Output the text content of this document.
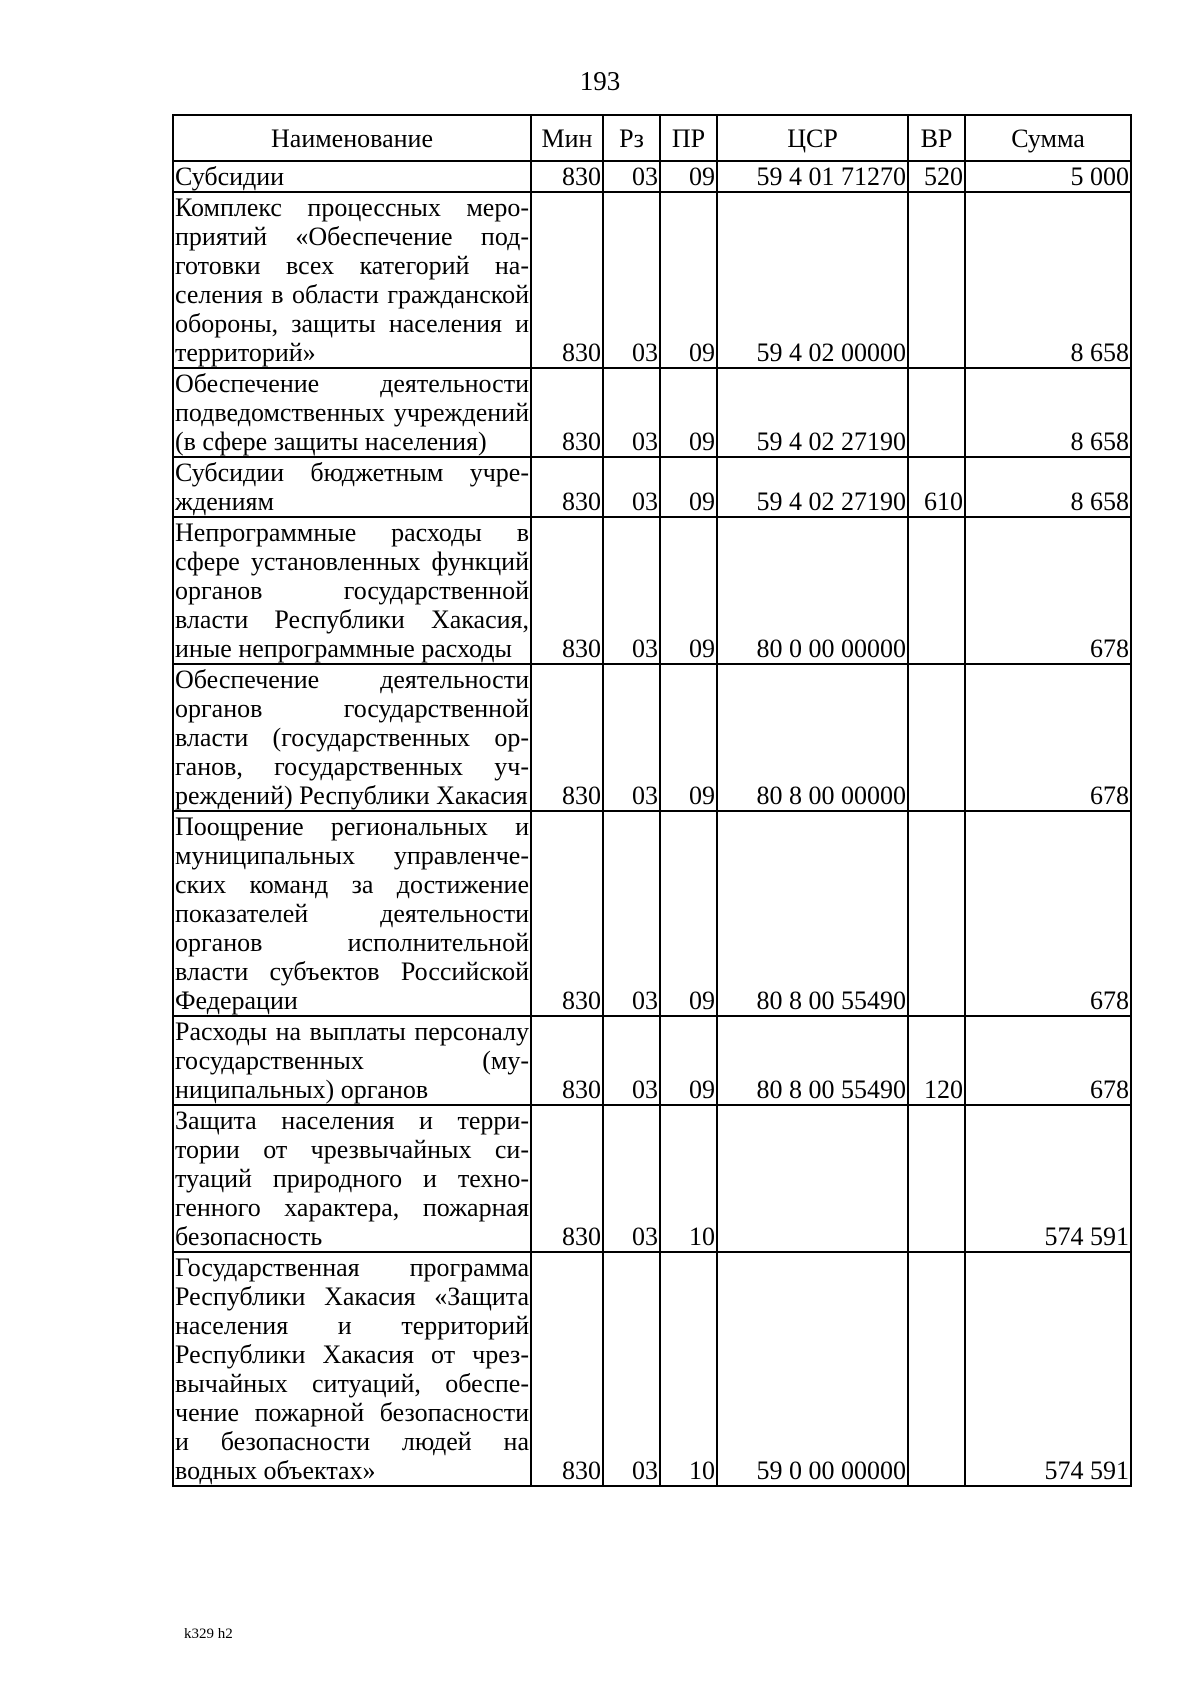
193
Наименование	Мин	Рз	ПР	ЦСР	ВР	Сумма
Субсидии	830	03	09	59 4 01 71270	520	5 000
Комплекс процессных мероприятий «Обеспечение подготовки всех категорий населения в области гражданской обороны, защиты населения и территорий»	830	03	09	59 4 02 00000		8 658
Обеспечение деятельности подведомственных учреждений (в сфере защиты населения)	830	03	09	59 4 02 27190		8 658
Субсидии бюджетным учреждениям	830	03	09	59 4 02 27190	610	8 658
Непрограммные расходы в сфере установленных функций органов государственной власти Республики Хакасия, иные непрограммные расходы	830	03	09	80 0 00 00000		678
Обеспечение деятельности органов государственной власти (государственных органов, государственных учреждений) Республики Хакасия	830	03	09	80 8 00 00000		678
Поощрение региональных и муниципальных управленческих команд за достижение показателей деятельности органов исполнительной власти субъектов Российской Федерации	830	03	09	80 8 00 55490		678
Расходы на выплаты персоналу государственных (муниципальных) органов	830	03	09	80 8 00 55490	120	678
Защита населения и территории от чрезвычайных ситуаций природного и техногенного характера, пожарная безопасность	830	03	10			574 591
Государственная программа Республики Хакасия «Защита населения и территорий Республики Хакасия от чрезвычайных ситуаций, обеспечение пожарной безопасности и безопасности людей на водных объектах»	830	03	10	59 0 00 00000		574 591
k329 h2
